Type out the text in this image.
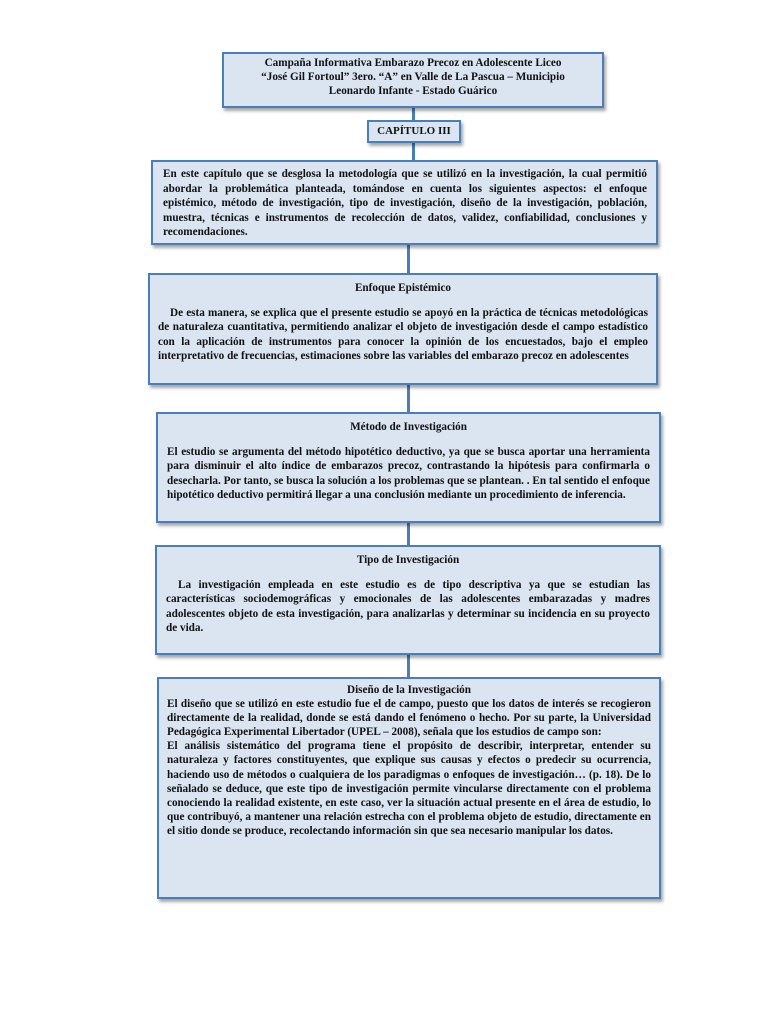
Campaña Informativa Embarazo Precoz en Adolescente Liceo
“José Gil Fortoul” 3ero. “A” en Valle de La Pascua – Municipio
Leonardo Infante - Estado Guárico
CAPÍTULO III
En este capítulo que se desglosa la metodología que se utilizó en la investigación, la cual permitió abordar la problemática planteada, tomándose en cuenta los siguientes aspectos: el enfoque epistémico, método de investigación, tipo de investigación, diseño de la investigación, población, muestra, técnicas e instrumentos de recolección de datos, validez, confiabilidad, conclusiones y recomendaciones.
Enfoque Epistémico
De esta manera, se explica que el presente estudio se apoyó en la práctica de técnicas metodológicas de naturaleza cuantitativa, permitiendo analizar el objeto de investigación desde el campo estadístico con la aplicación de instrumentos para conocer la opinión de los encuestados, bajo el empleo interpretativo de frecuencias, estimaciones sobre las variables del embarazo precoz en adolescentes
Método de Investigación
El estudio se argumenta del método hipotético deductivo, ya que se busca aportar una herramienta para disminuir el alto índice de embarazos precoz, contrastando la hipótesis para confirmarla o desecharla. Por tanto, se busca la solución a los problemas que se plantean. . En tal sentido el enfoque hipotético deductivo permitirá llegar a una conclusión mediante un procedimiento de inferencia.
Tipo de Investigación
La investigación empleada en este estudio es de tipo descriptiva ya que se estudian las características sociodemográficas y emocionales de las adolescentes embarazadas y madres adolescentes objeto de esta investigación, para analizarlas y determinar su incidencia en su proyecto de vida.
Diseño de la Investigación
El diseño que se utilizó en este estudio fue el de campo, puesto que los datos de interés se recogieron directamente de la realidad, donde se está dando el fenómeno o hecho. Por su parte, la Universidad Pedagógica Experimental Libertador (UPEL – 2008), señala que los estudios de campo son:
El análisis sistemático del programa tiene el propósito de describir, interpretar, entender su naturaleza y factores constituyentes, que explique sus causas y efectos o predecir su ocurrencia, haciendo uso de métodos o cualquiera de los paradigmas o enfoques de investigación… (p. 18). De lo señalado se deduce, que este tipo de investigación permite vincularse directamente con el problema conociendo la realidad existente, en este caso, ver la situación actual presente en el área de estudio, lo que contribuyó, a mantener una relación estrecha con el problema objeto de estudio, directamente en el sitio donde se produce, recolectando información sin que sea necesario manipular los datos.
